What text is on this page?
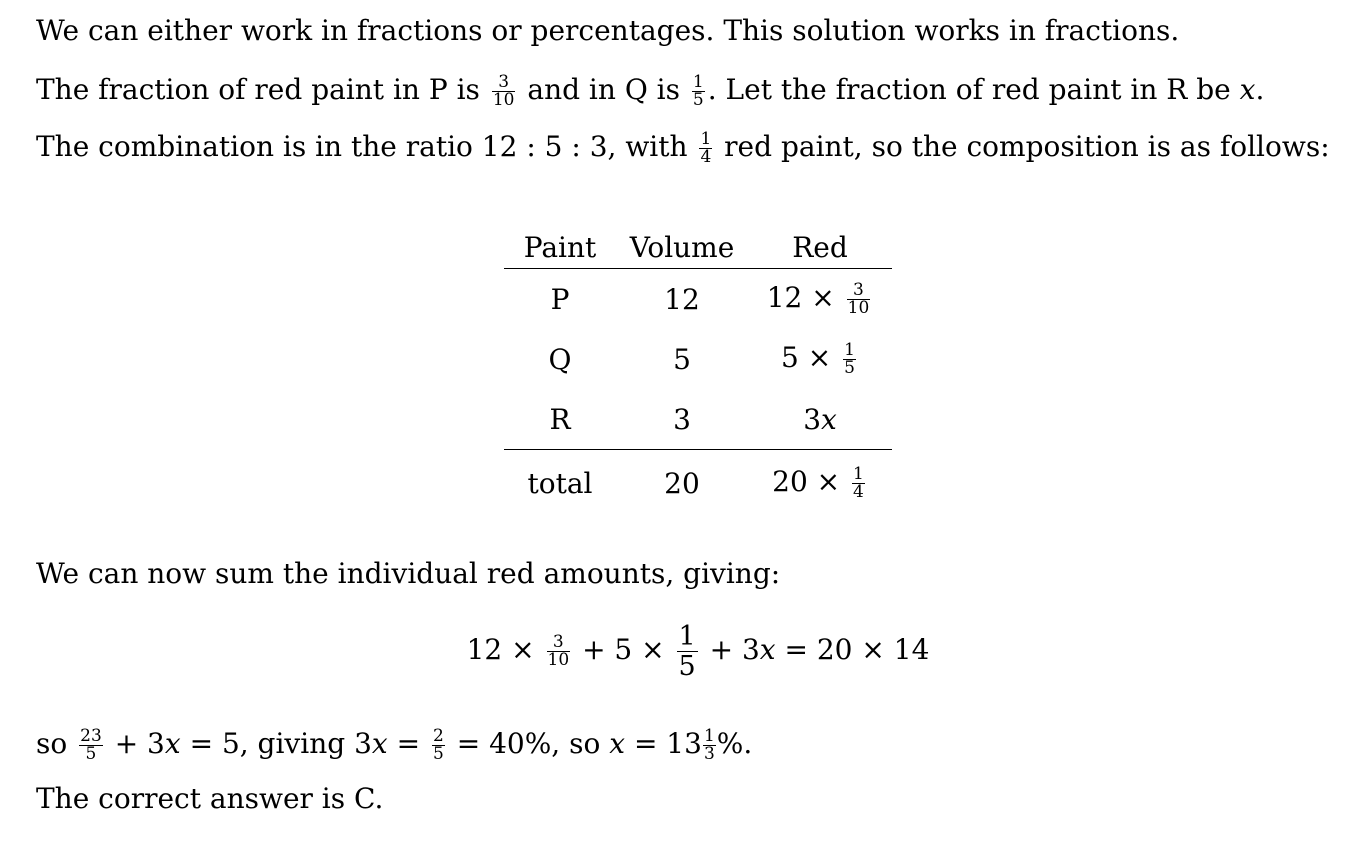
We can either work in fractions or percentages. This solution works in fractions.
The fraction of red paint in P is $\frac{3}{10}$ and in Q is $\frac{1}{5}$ . Let the fraction of red paint in R be x.
The combination is in the ratio 12 : 5 : 3, with $\frac{1}{4}$ red paint, so the composition is as follows:
Paint	Volume	Red
P	12	$12 \times \frac{3}{10}$

Q	5	$5 \times \frac{1}{5}$

R	3	3x
total	20	$20 \times \frac{1}{4}$
We can now sum the individual red amounts, giving:
$12 \times \frac{3}{10} + 5 \times \frac{1}{5} + 3x = 20 \times 14$
so $\frac{23}{5} + 3x = 5$, giving $3x = \frac{2}{5} = 40\%$, so $x = 13 \frac{1}{3}$ %.
The correct answer is C.
